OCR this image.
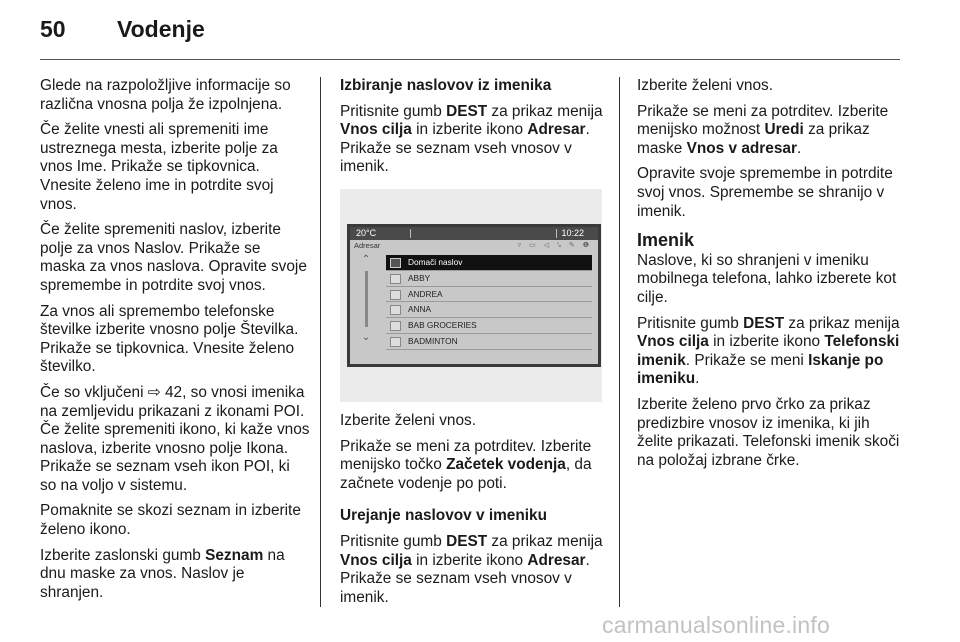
50 Vodenje

Glede na razpoložljive informacije so različna vnosna polja že izpolnjena.

Če želite vnesti ali spremeniti ime ustreznega mesta, izberite polje za vnos Ime. Prikaže se tipkovnica. Vnesite želeno ime in potrdite svoj vnos.

Če želite spremeniti naslov, izberite polje za vnos Naslov. Prikaže se maska za vnos naslova. Opravite svoje spremembe in potrdite svoj vnos.

Za vnos ali spremembo telefonske številke izberite vnosno polje Številka. Prikaže se tipkovnica. Vnesite želeno številko.

Če so vključeni ⇨ 42, so vnosi imenika na zemljevidu prikazani z ikonami POI. Če želite spremeniti ikono, ki kaže vnos naslova, izberite vnosno polje Ikona. Prikaže se seznam vseh ikon POI, ki so na voljo v sistemu.

Pomaknite se skozi seznam in izberite želeno ikono.

Izberite zaslonski gumb Seznam na dnu maske za vnos. Naslov je shranjen.

Izbiranje naslovov iz imenika

Pritisnite gumb DEST za prikaz menija Vnos cilja in izberite ikono Adresar. Prikaže se seznam vseh vnosov v imenik.

20°C	10:22
Adresar	▿ ▭ ◁ ⤥ ✎ ❶
⌃
⌄
Domači naslov
ABBY
ANDREA
ANNA
BAB GROCERIES
BADMINTON

Izberite želeni vnos.

Prikaže se meni za potrditev. Izberite menijsko točko Začetek vodenja, da začnete vodenje po poti.

Urejanje naslovov v imeniku

Pritisnite gumb DEST za prikaz menija Vnos cilja in izberite ikono Adresar. Prikaže se seznam vseh vnosov v imenik.

Izberite želeni vnos.

Prikaže se meni za potrditev. Izberite menijsko možnost Uredi za prikaz maske Vnos v adresar.

Opravite svoje spremembe in potrdite svoj vnos. Spremembe se shranijo v imenik.

Imenik

Naslove, ki so shranjeni v imeniku mobilnega telefona, lahko izberete kot cilje.

Pritisnite gumb DEST za prikaz menija Vnos cilja in izberite ikono Telefonski imenik. Prikaže se meni Iskanje po imeniku.

Izberite želeno prvo črko za prikaz predizbire vnosov iz imenika, ki jih želite prikazati. Telefonski imenik skoči na položaj izbrane črke.

carmanualsonline.info
